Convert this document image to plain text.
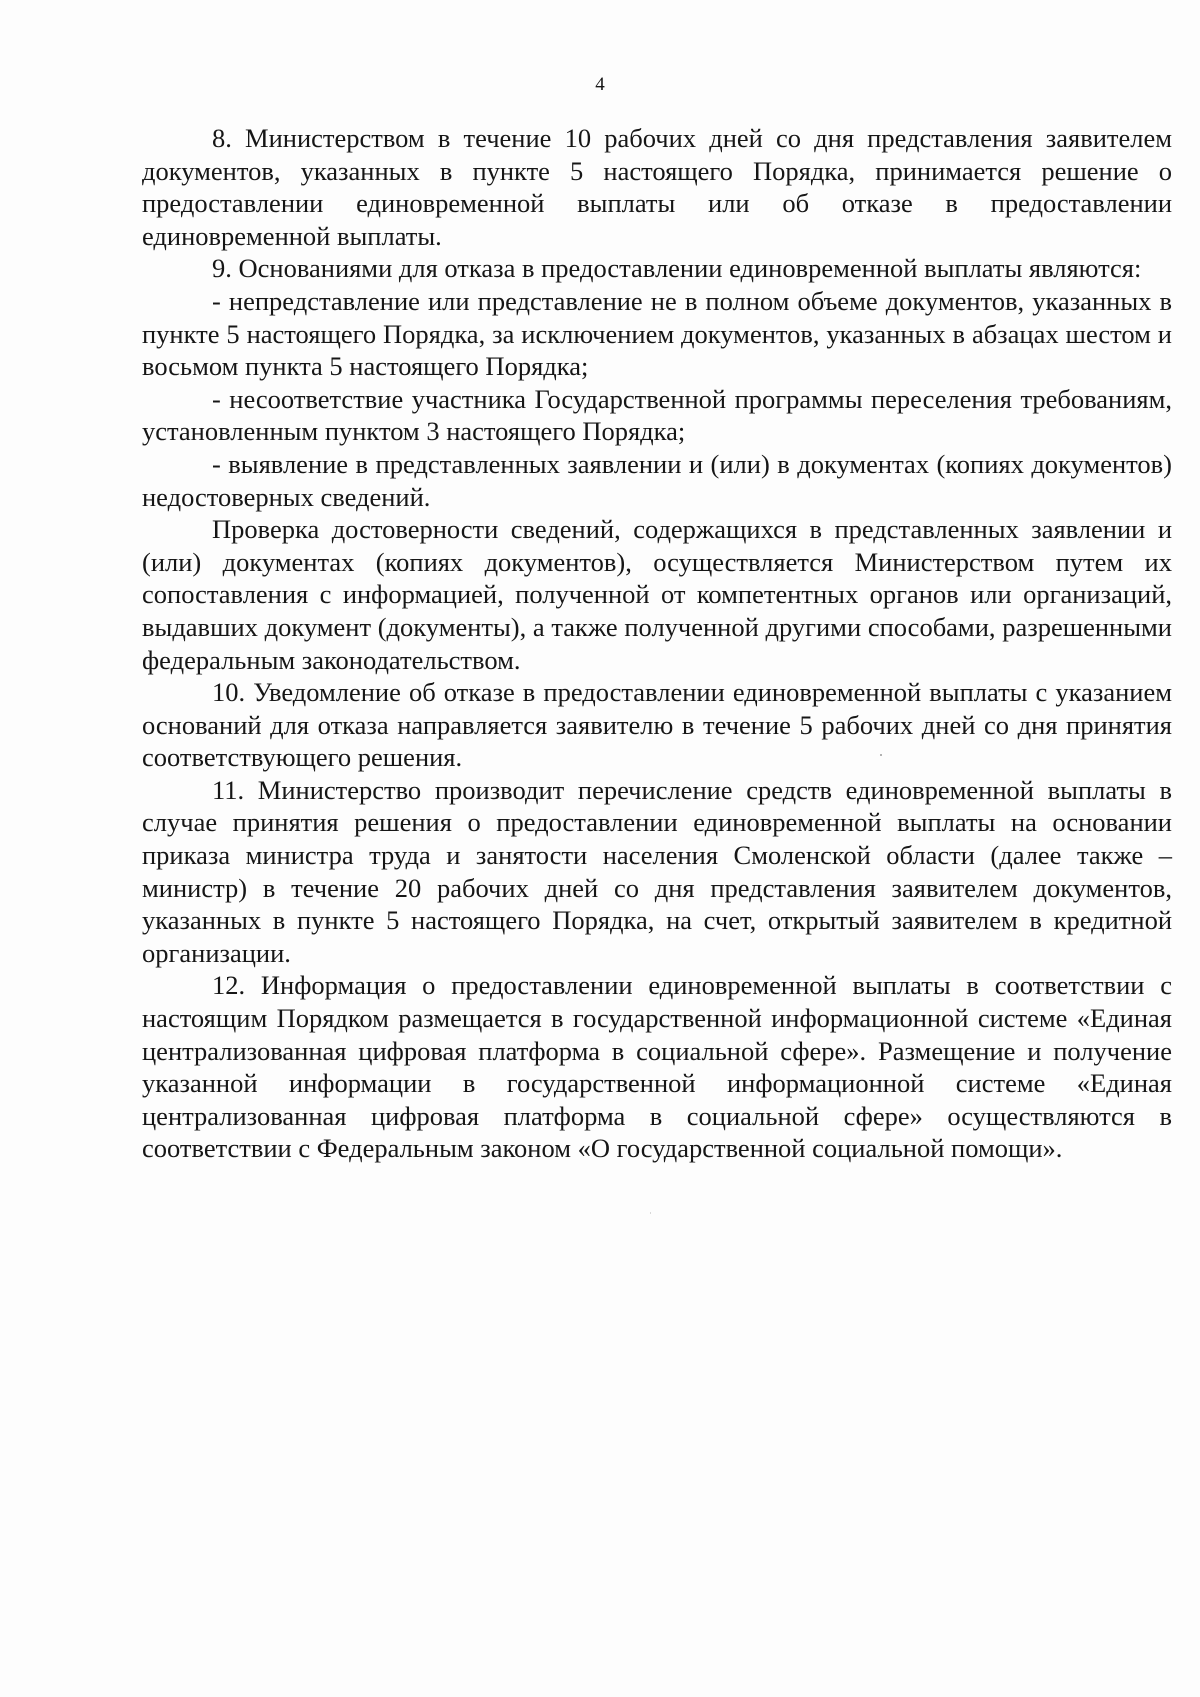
4

8. Министерством в течение 10 рабочих дней со дня представления заявителем документов, указанных в пункте 5 настоящего Порядка, принимается решение о предоставлении единовременной выплаты или об отказе в предоставлении единовременной выплаты.

9. Основаниями для отказа в предоставлении единовременной выплаты являются:

- непредставление или представление не в полном объеме документов, указанных в пункте 5 настоящего Порядка, за исключением документов, указанных в абзацах шестом и восьмом пункта 5 настоящего Порядка;

- несоответствие участника Государственной программы переселения требованиям, установленным пунктом 3 настоящего Порядка;

- выявление в представленных заявлении и (или) в документах (копиях документов) недостоверных сведений.

Проверка достоверности сведений, содержащихся в представленных заявлении и (или) документах (копиях документов), осуществляется Министерством путем их сопоставления с информацией, полученной от компетентных органов или организаций, выдавших документ (документы), а также полученной другими способами, разрешенными федеральным законодательством.

10. Уведомление об отказе в предоставлении единовременной выплаты с указанием оснований для отказа направляется заявителю в течение 5 рабочих дней со дня принятия соответствующего решения.

11. Министерство производит перечисление средств единовременной выплаты в случае принятия решения о предоставлении единовременной выплаты на основании приказа министра труда и занятости населения Смоленской области (далее также – министр) в течение 20 рабочих дней со дня представления заявителем документов, указанных в пункте 5 настоящего Порядка, на счет, открытый заявителем в кредитной организации.

12. Информация о предоставлении единовременной выплаты в соответствии с настоящим Порядком размещается в государственной информационной системе «Единая централизованная цифровая платформа в социальной сфере». Размещение и получение указанной информации в государственной информационной системе «Единая централизованная цифровая платформа в социальной сфере» осуществляются в соответствии с Федеральным законом «О государственной социальной помощи».
